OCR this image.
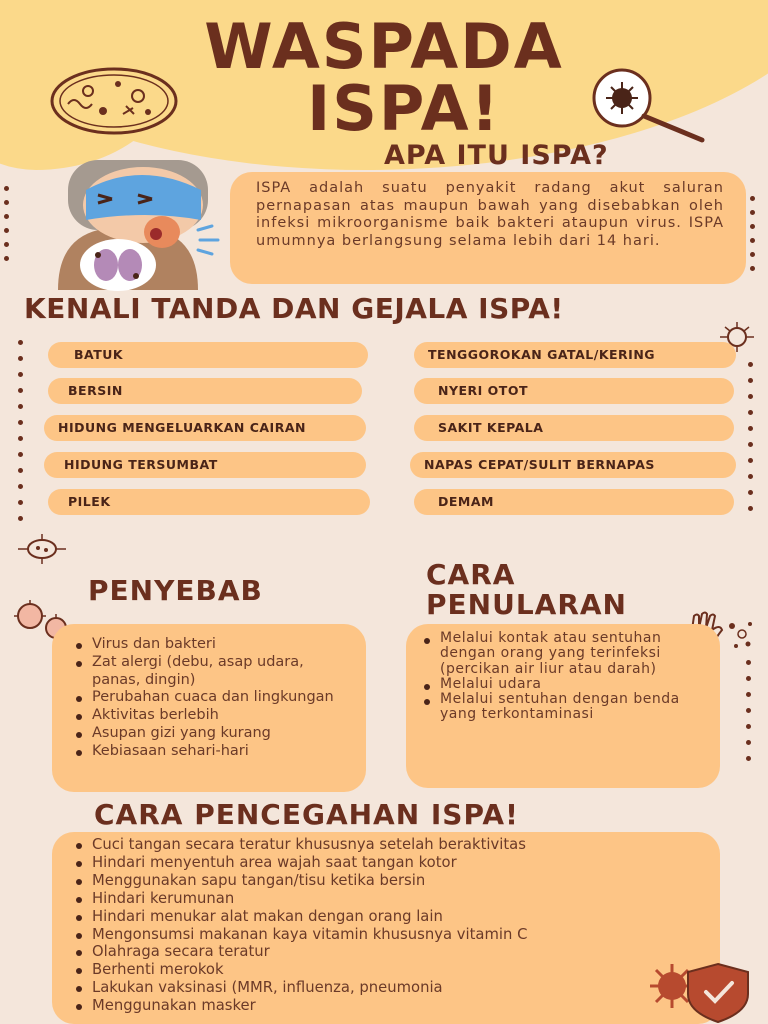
WASPADA
ISPA!
APA ITU ISPA?
ISPA adalah suatu penyakit radang akut saluran pernapasan atas maupun bawah yang disebabkan oleh infeksi mikroorganisme baik bakteri ataupun virus. ISPA umumnya berlangsung selama lebih dari 14 hari.
KENALI TANDA DAN GEJALA ISPA!
BATUK
BERSIN
HIDUNG MENGELUARKAN CAIRAN
HIDUNG TERSUMBAT
PILEK
TENGGOROKAN GATAL/KERING
NYERI OTOT
SAKIT KEPALA
NAPAS CEPAT/SULIT BERNAPAS
DEMAM
PENYEBAB	CARA
PENULARAN
Virus dan bakteri
Zat alergi (debu, asap udara, panas, dingin)
Perubahan cuaca dan lingkungan
Aktivitas berlebih
Asupan gizi yang kurang
Kebiasaan sehari-hari
Melalui kontak atau sentuhan dengan orang yang terinfeksi (percikan air liur atau darah)
Melalui udara
Melalui sentuhan dengan benda yang terkontaminasi
CARA PENCEGAHAN ISPA!
Cuci tangan secara teratur khususnya setelah beraktivitas
Hindari menyentuh area wajah saat tangan kotor
Menggunakan sapu tangan/tisu ketika bersin
Hindari kerumunan
Hindari menukar alat makan dengan orang lain
Mengonsumsi makanan kaya vitamin khususnya vitamin C
Olahraga secara teratur
Berhenti merokok
Lakukan vaksinasi (MMR, influenza, pneumonia
Menggunakan masker
